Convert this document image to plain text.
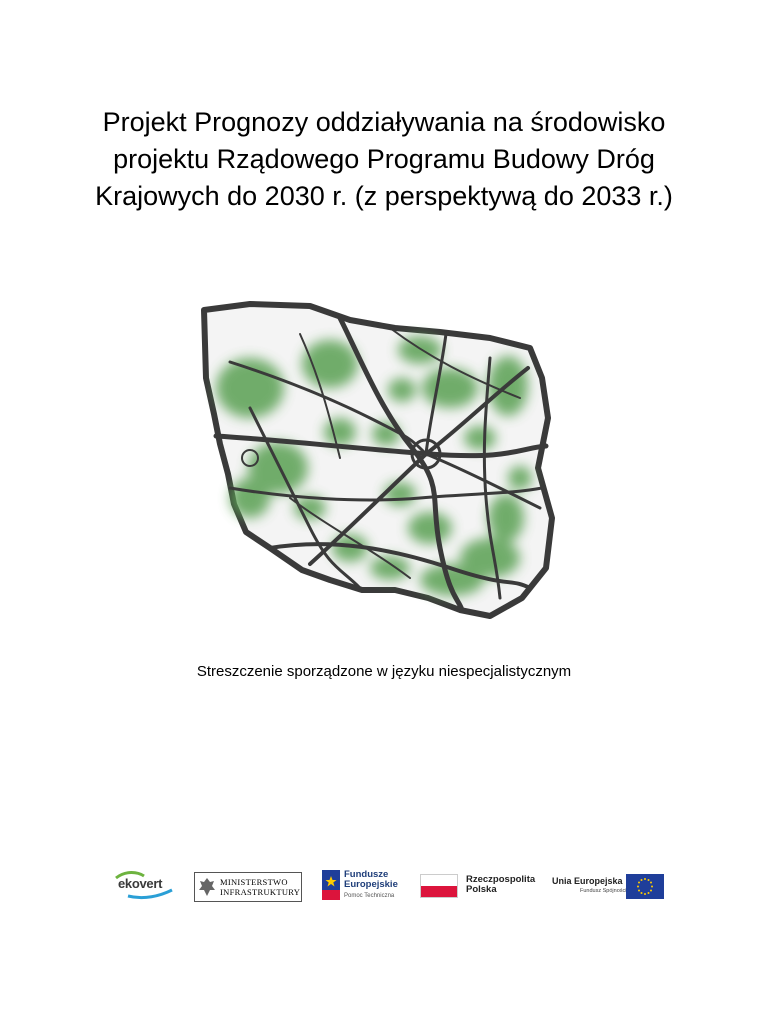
Projekt Prognozy oddziaływania na środowisko projektu Rządowego Programu Budowy Dróg Krajowych do 2030 r. (z perspektywą do 2033 r.)

Streszczenie sporządzone w języku niespecjalistycznym

ekovert	MINISTERSTWO
INFRASTRUKTURY
Fundusze
Europejskie
Pomoc Techniczna
Rzeczpospolita
Polska
Unia Europejska
Fundusz Spójności
